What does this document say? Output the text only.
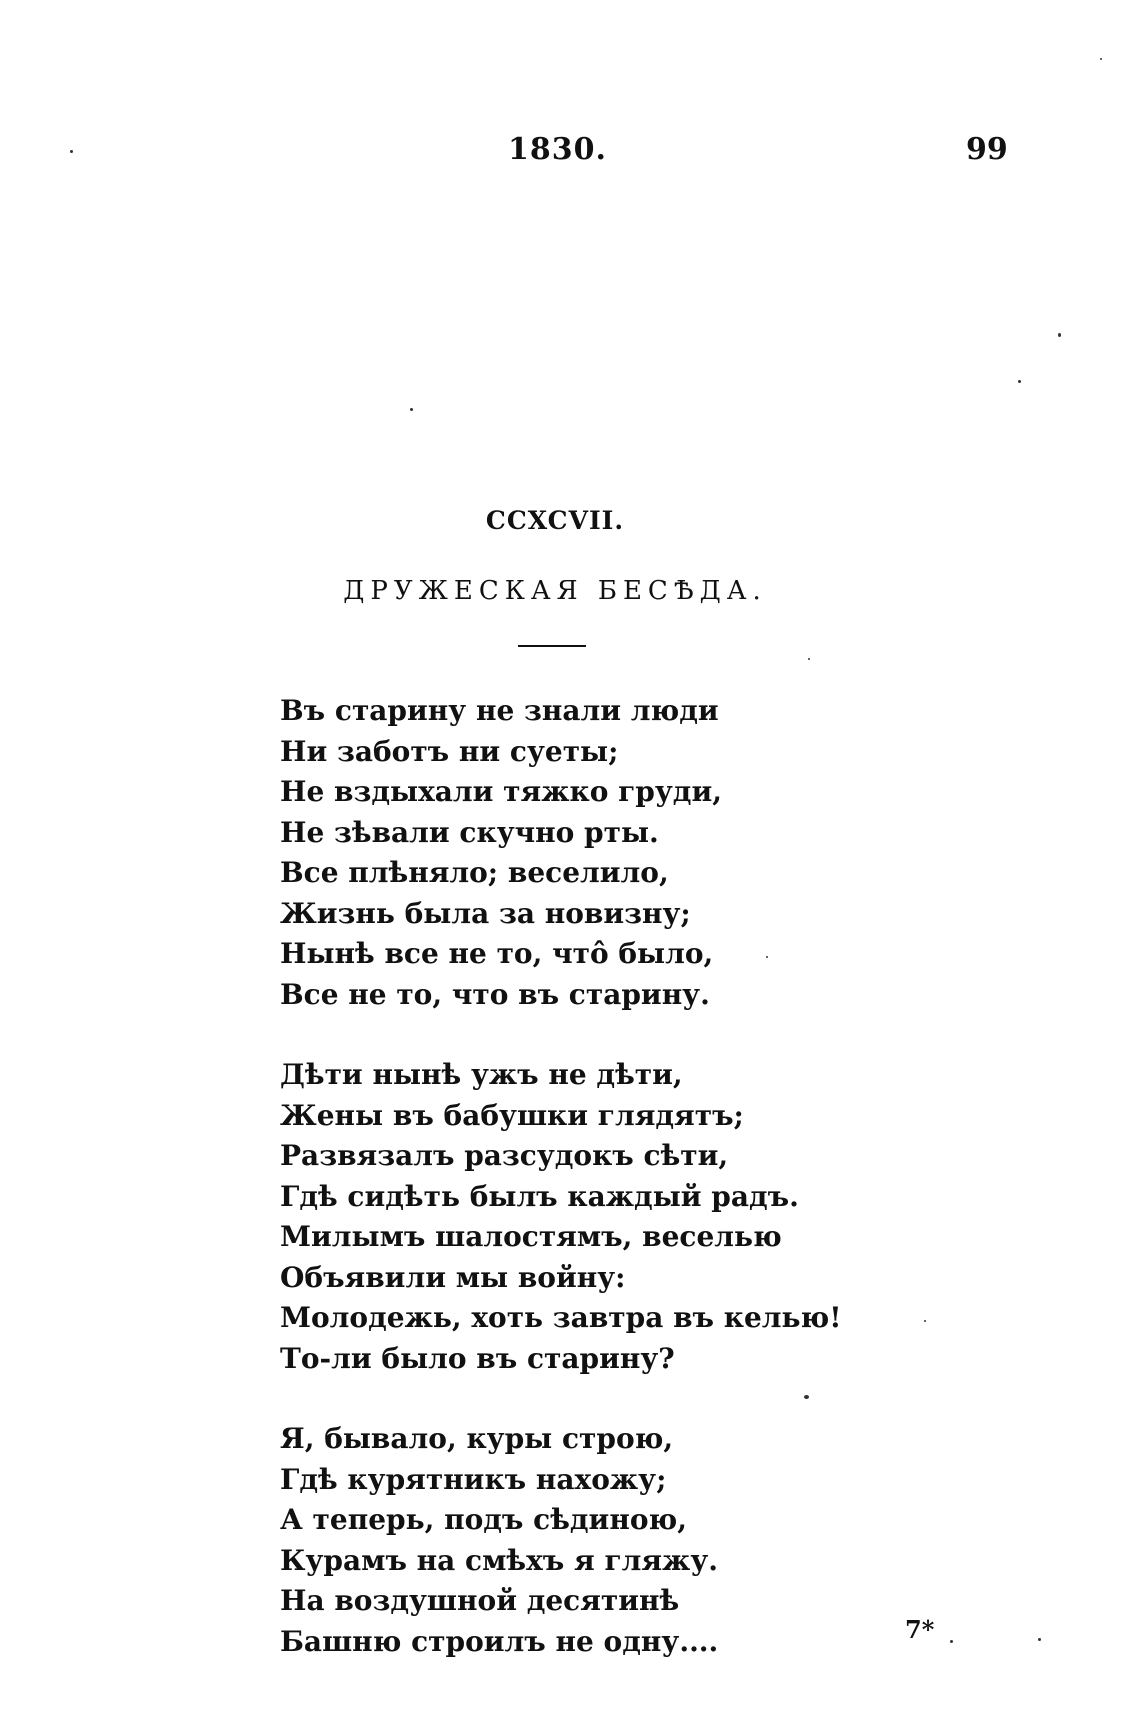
1830.	99
CCXCVII.
ДРУЖЕСКАЯ БЕСѢДА.
Въ старину не знали люди
Ни заботъ ни суеты;
Не вздыхали тяжко груди,
Не зѣвали скучно рты.
Все плѣняло; веселило,
Жизнь была за новизну;
Нынѣ все не то, что̂ было,
Все не то, что въ старину.
Дѣти нынѣ ужъ не дѣти,
Жены въ бабушки глядятъ;
Развязалъ разсудокъ сѣти,
Гдѣ сидѣть былъ каждый радъ.
Милымъ шалостямъ, веселью
Объявили мы войну:
Молодежь, хоть завтра въ келью!
То-ли было въ старину?
Я, бывало, куры строю,
Гдѣ курятникъ нахожу;
А теперь, подъ сѣдиною,
Курамъ на смѣхъ я гляжу.
На воздушной десятинѣ
Башню строилъ не одну....	7*
